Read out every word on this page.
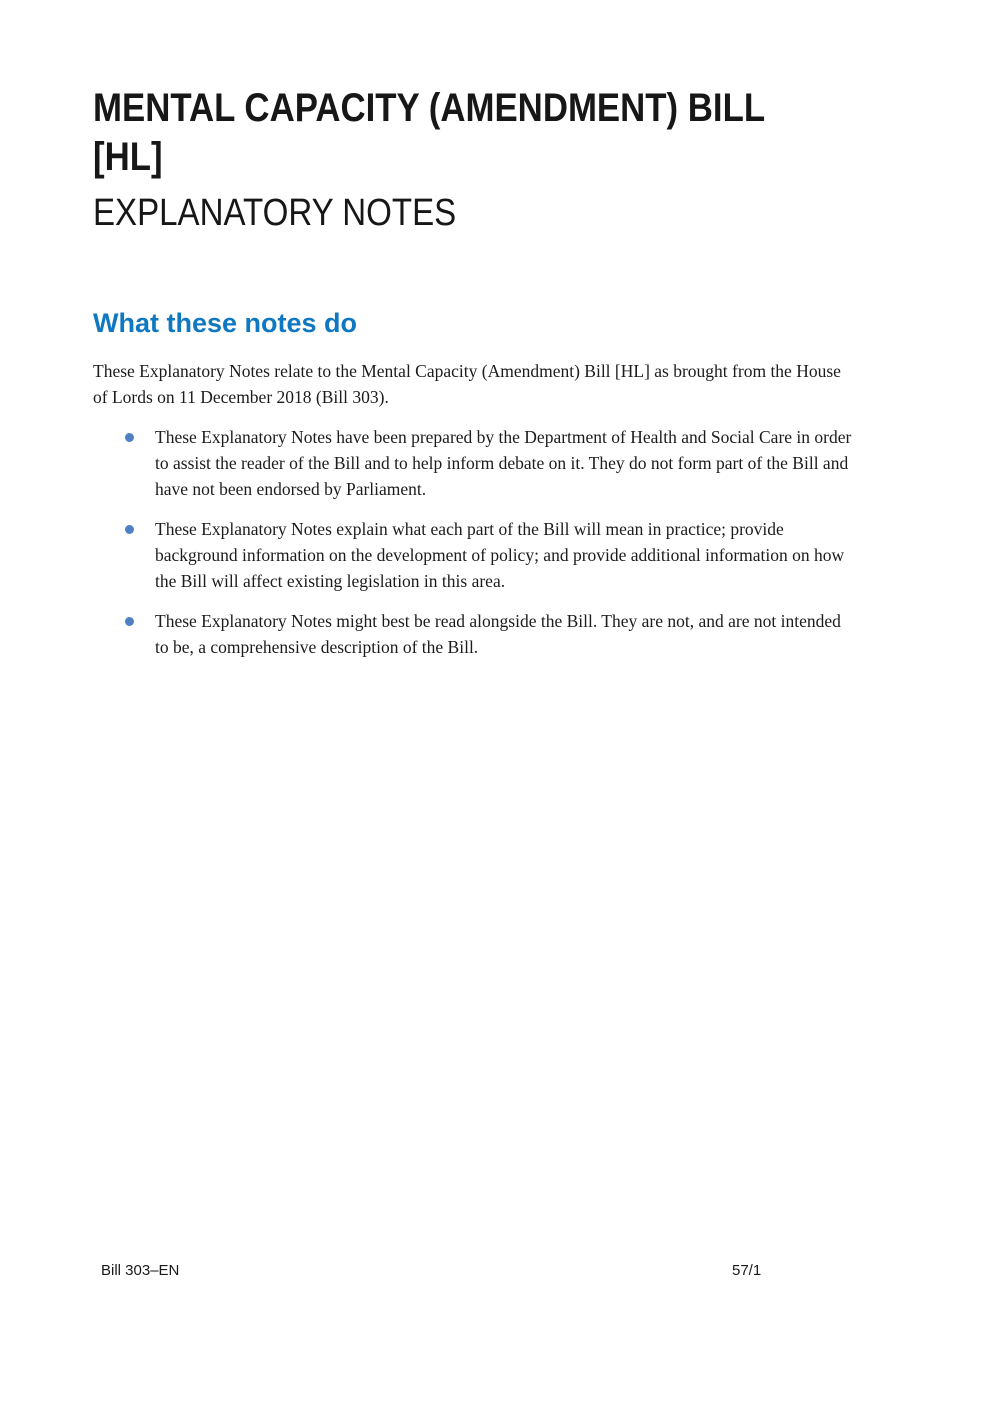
MENTAL CAPACITY (AMENDMENT) BILL
[HL]
EXPLANATORY NOTES
What these notes do

These Explanatory Notes relate to the Mental Capacity (Amendment) Bill [HL] as brought from the House of Lords on 11 December 2018 (Bill 303).

These Explanatory Notes have been prepared by the Department of Health and Social Care in order to assist the reader of the Bill and to help inform debate on it. They do not form part of the Bill and have not been endorsed by Parliament.
These Explanatory Notes explain what each part of the Bill will mean in practice; provide background information on the development of policy; and provide additional information on how the Bill will affect existing legislation in this area.
These Explanatory Notes might best be read alongside the Bill. They are not, and are not intended to be, a comprehensive description of the Bill.
Bill 303–EN	57/1
